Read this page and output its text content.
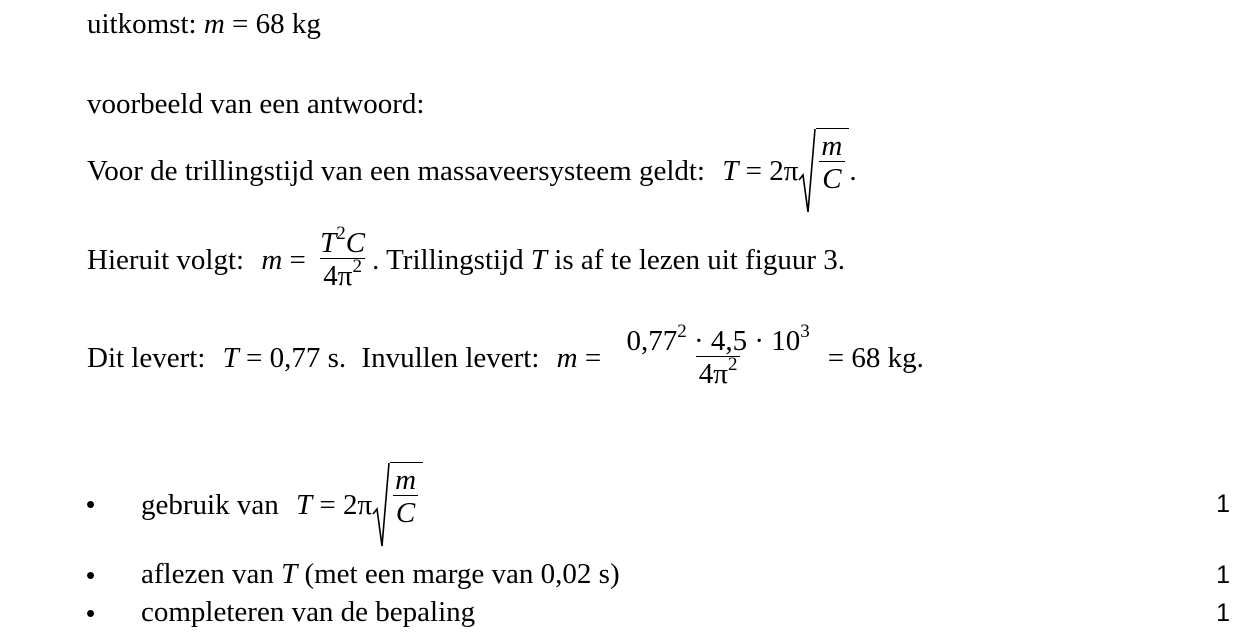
uitkomst: m = 68 kg
voorbeeld van een antwoord:
Voor de trillingstijd van een massaveersysteem geldt: $T = 2\pi \frac{m}{C}$ .
Hieruit volgt: $m = \frac{T^2C}{4\pi^2}$ . Trillingstijd T is af te lezen uit figuur 3.
Dit levert: T = 0,77 s. Invullen levert: $m = \frac{0,77^2 \cdot 4,5 \cdot 10^3}{4\pi^2} = 68$ kg.
• gebruik van $T = 2\pi \frac{m}{C}$	1
• aflezen van T (met een marge van 0,02 s)	1
• completeren van de bepaling	1
